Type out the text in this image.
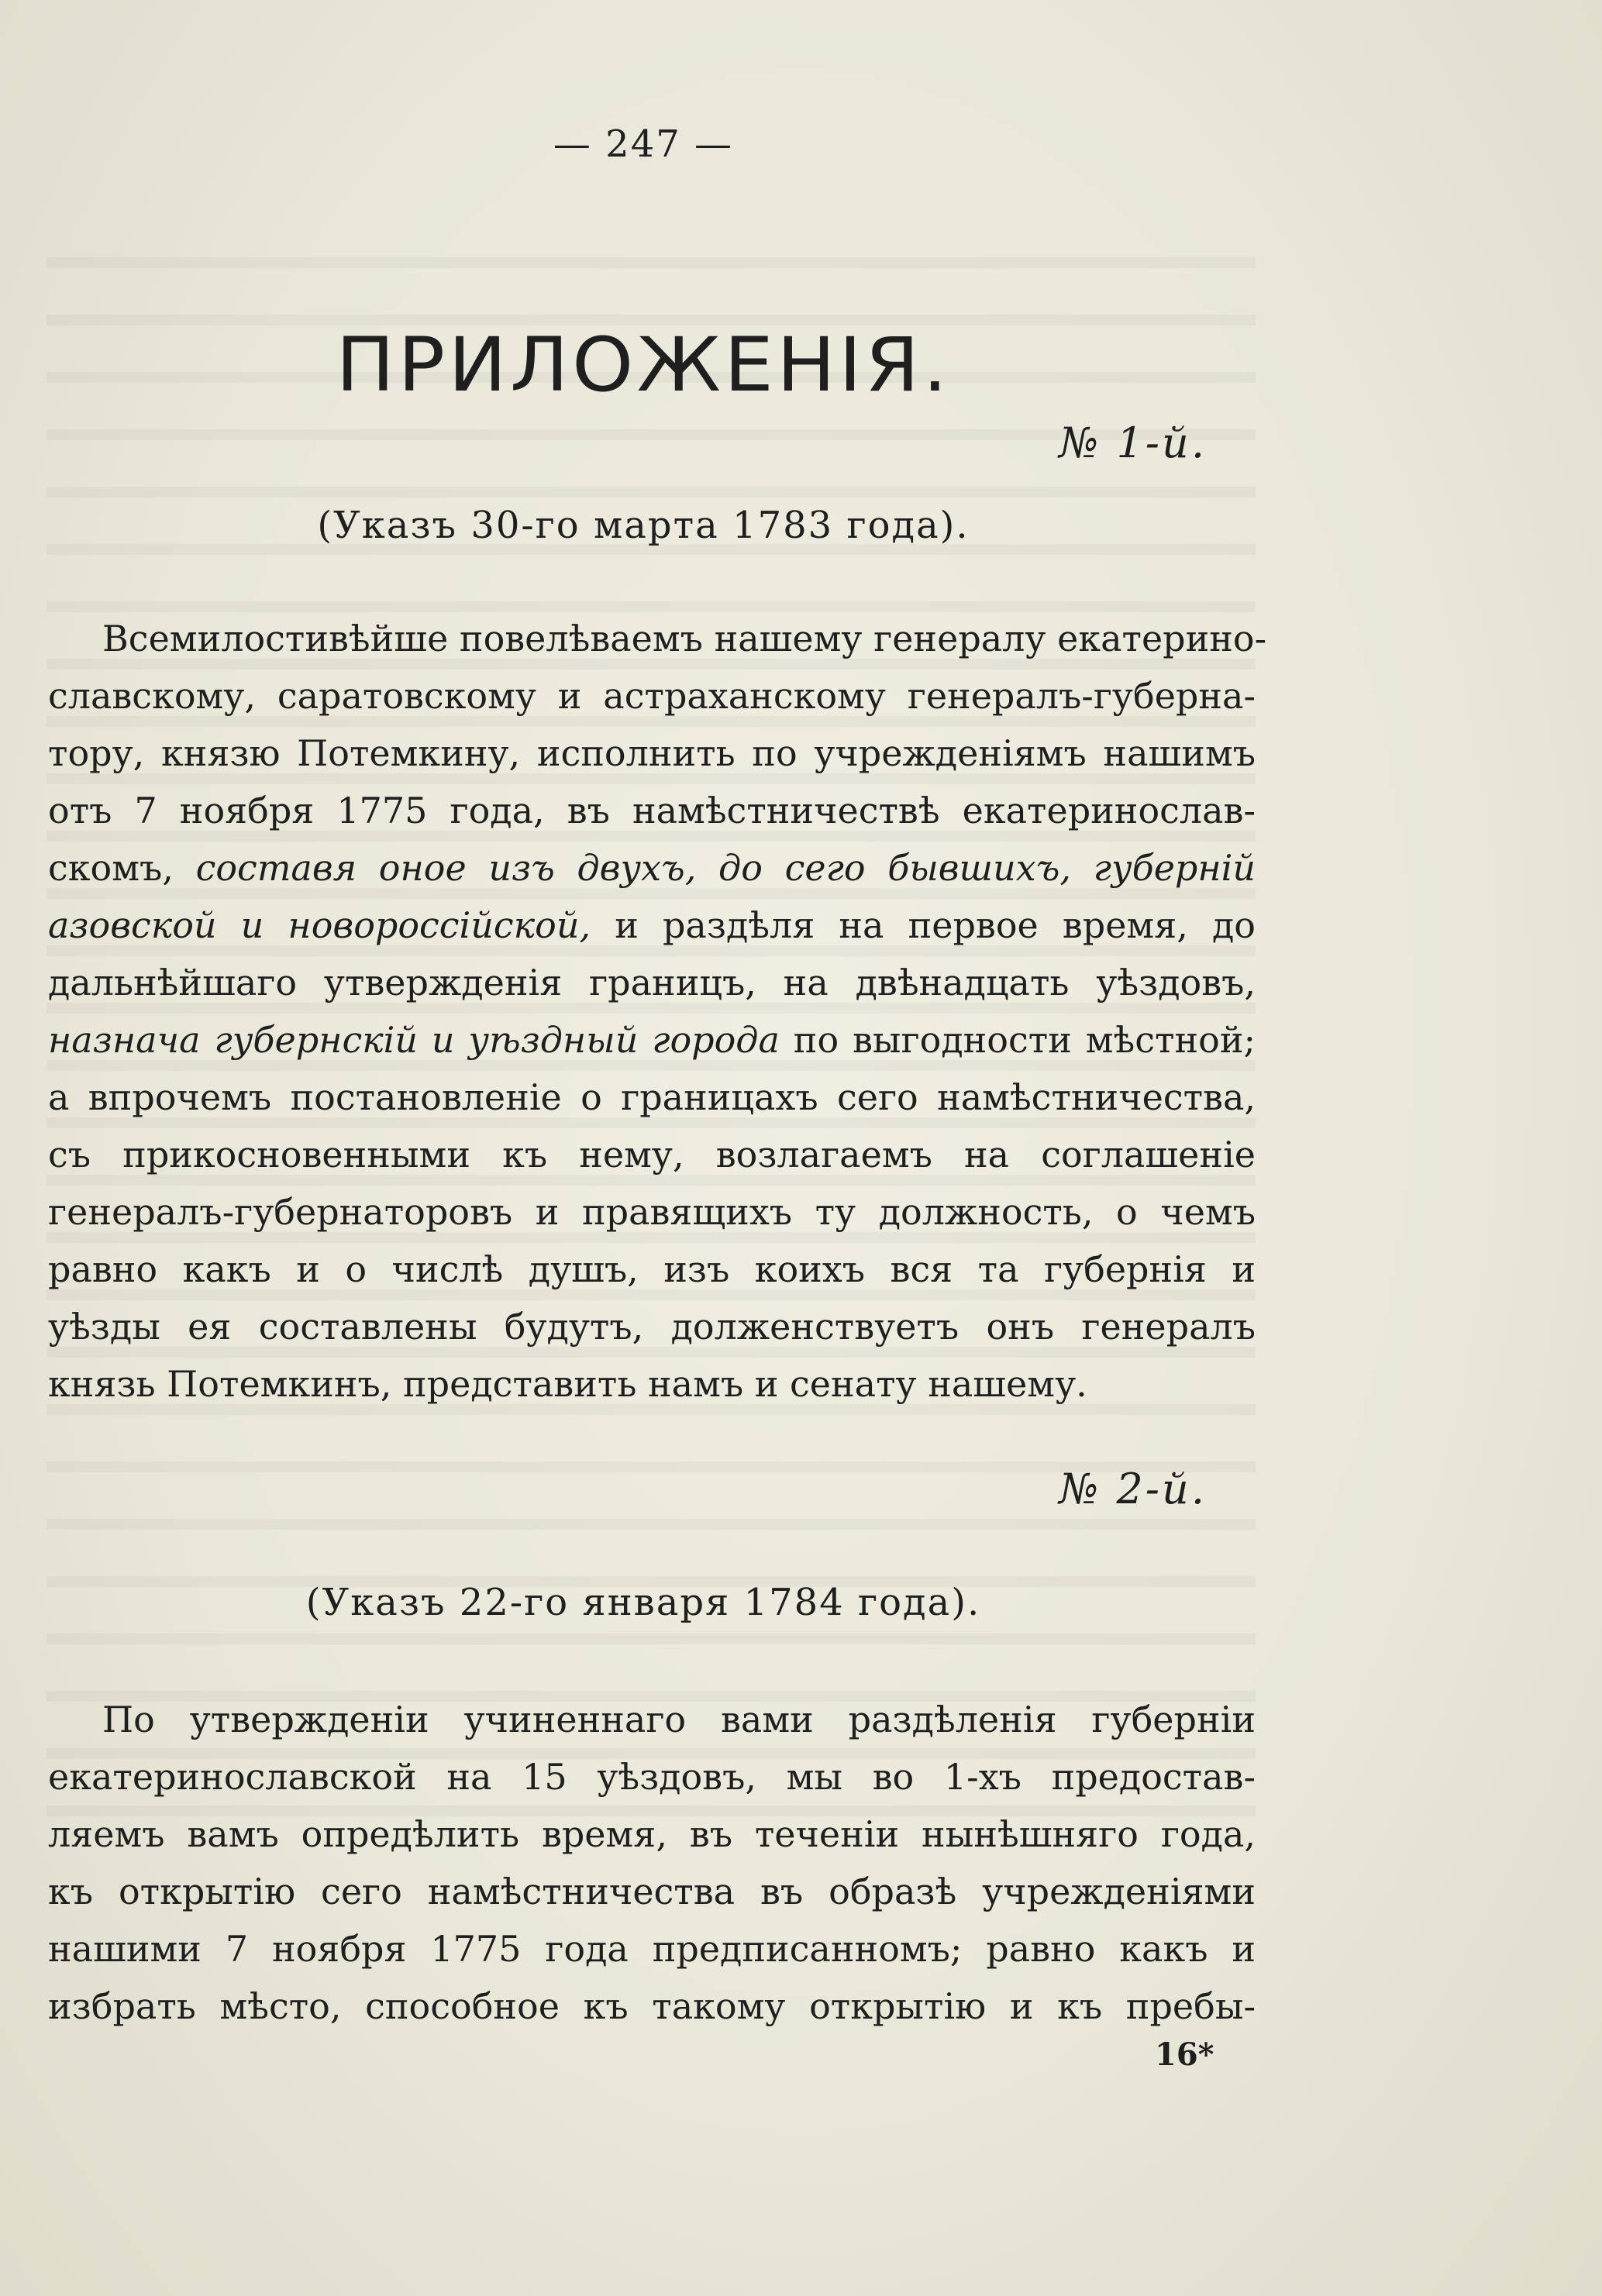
— 247 —
ПРИЛОЖЕНІЯ.
№ 1-й.
(Указъ 30-го марта 1783 года).
Всемилостивѣйше повелѣваемъ нашему генералу екатерино-
славскому, саратовскому и астраханскому генералъ-губерна-
тору, князю Потемкину, исполнить по учрежденіямъ нашимъ
отъ 7 ноября 1775 года, въ намѣстничествѣ екатеринослав-
скомъ, составя оное изъ двухъ, до сего бывшихъ, губерній
азовской и новороссійской, и раздѣля на первое время, до
дальнѣйшаго утвержденія границъ, на двѣнадцать уѣздовъ,
назнача губернскій и уѣздный города по выгодности мѣстной;
а впрочемъ постановленіе о границахъ сего намѣстничества,
съ прикосновенными къ нему, возлагаемъ на соглашеніе
генералъ-губернаторовъ и правящихъ ту должность, о чемъ
равно какъ и о числѣ душъ, изъ коихъ вся та губернія и
уѣзды ея составлены будутъ, долженствуетъ онъ генералъ
князь Потемкинъ, представить намъ и сенату нашему.
№ 2-й.
(Указъ 22-го января 1784 года).
По утвержденіи учиненнаго вами раздѣленія губерніи
екатеринославской на 15 уѣздовъ, мы во 1-хъ предостав-
ляемъ вамъ опредѣлить время, въ теченіи нынѣшняго года,
къ открытію сего намѣстничества въ образѣ учрежденіями
нашими 7 ноября 1775 года предписанномъ; равно какъ и
избрать мѣсто, способное къ такому открытію и къ пребы-
16*
